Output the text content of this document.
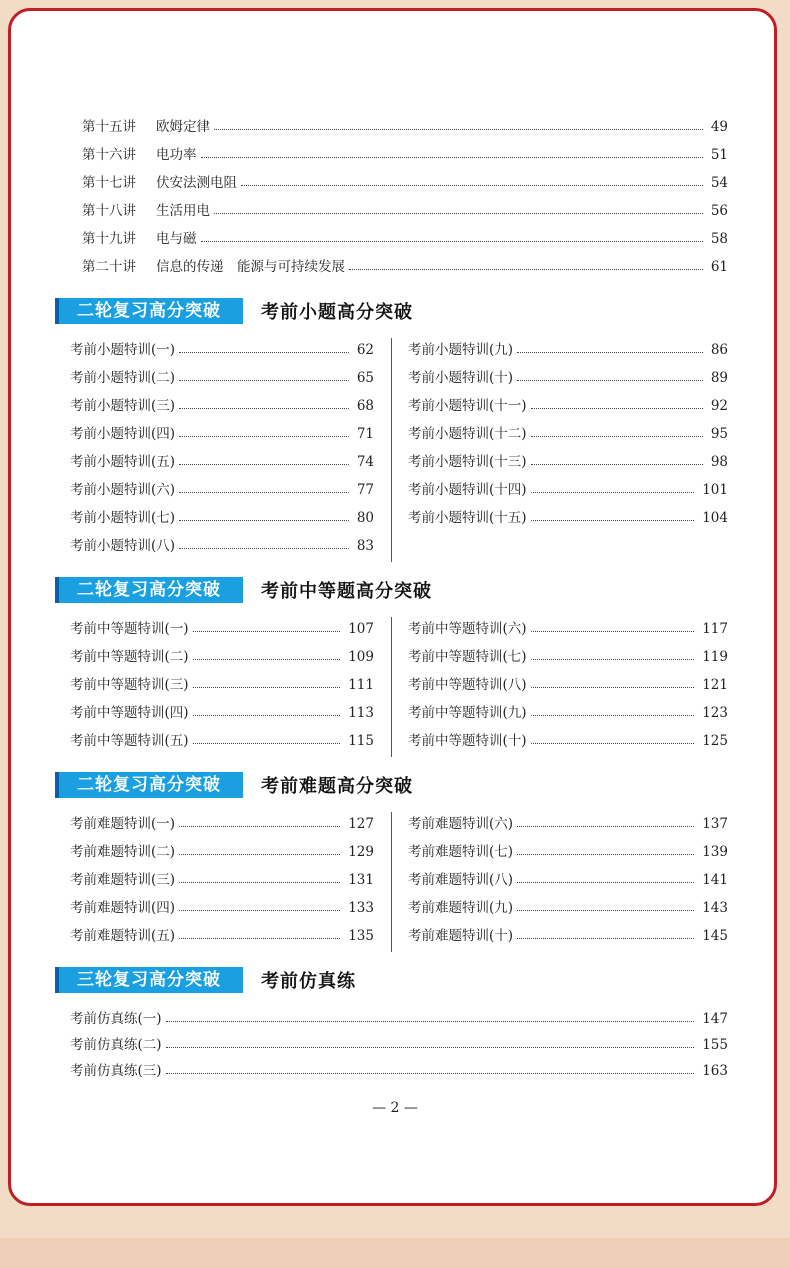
第十五讲	欧姆定律	49
第十六讲	电功率	51
第十七讲	伏安法测电阻	54
第十八讲	生活用电	56
第十九讲	电与磁	58
第二十讲	信息的传递　能源与可持续发展	61
二轮复习高分突破	考前小题高分突破
考前小题特训(一)	62
考前小题特训(二)	65
考前小题特训(三)	68
考前小题特训(四)	71
考前小题特训(五)	74
考前小题特训(六)	77
考前小题特训(七)	80
考前小题特训(八)	83
考前小题特训(九)	86
考前小题特训(十)	89
考前小题特训(十一)	92
考前小题特训(十二)	95
考前小题特训(十三)	98
考前小题特训(十四)	101
考前小题特训(十五)	104
二轮复习高分突破	考前中等题高分突破
考前中等题特训(一)	107
考前中等题特训(二)	109
考前中等题特训(三)	111
考前中等题特训(四)	113
考前中等题特训(五)	115
考前中等题特训(六)	117
考前中等题特训(七)	119
考前中等题特训(八)	121
考前中等题特训(九)	123
考前中等题特训(十)	125
二轮复习高分突破	考前难题高分突破
考前难题特训(一)	127
考前难题特训(二)	129
考前难题特训(三)	131
考前难题特训(四)	133
考前难题特训(五)	135
考前难题特训(六)	137
考前难题特训(七)	139
考前难题特训(八)	141
考前难题特训(九)	143
考前难题特训(十)	145
三轮复习高分突破	考前仿真练
考前仿真练(一)	147
考前仿真练(二)	155
考前仿真练(三)	163
— 2 —
